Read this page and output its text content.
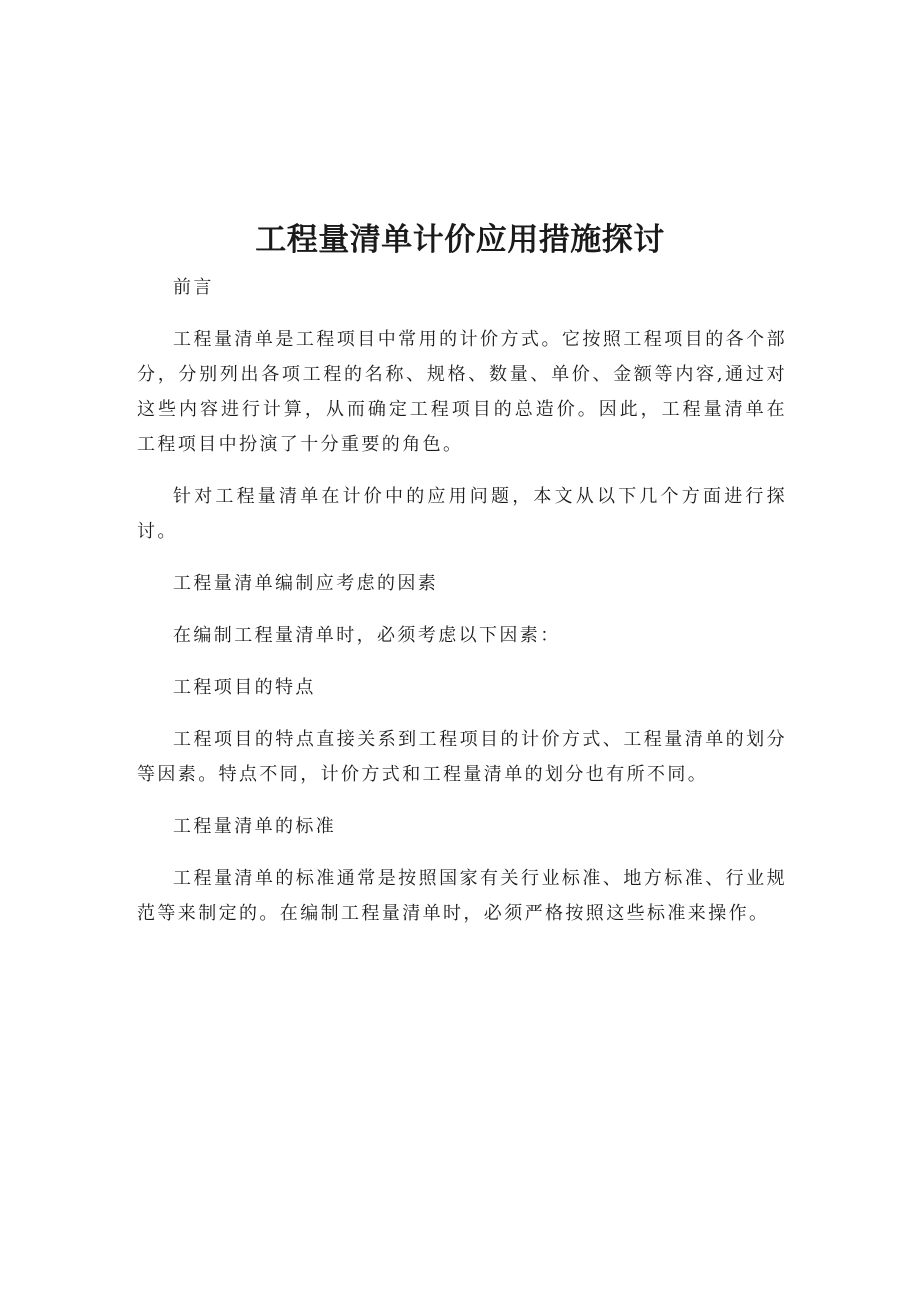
工程量清单计价应用措施探讨

前言

工程量清单是工程项目中常用的计价方式。它按照工程项目的各个部分，分别列出各项工程的名称、规格、数量、单价、金额等内容,通过对这些内容进行计算，从而确定工程项目的总造价。因此，工程量清单在工程项目中扮演了十分重要的角色。

针对工程量清单在计价中的应用问题，本文从以下几个方面进行探讨。

工程量清单编制应考虑的因素

在编制工程量清单时，必须考虑以下因素：

工程项目的特点

工程项目的特点直接关系到工程项目的计价方式、工程量清单的划分等因素。特点不同，计价方式和工程量清单的划分也有所不同。

工程量清单的标准

工程量清单的标准通常是按照国家有关行业标准、地方标准、行业规范等来制定的。在编制工程量清单时，必须严格按照这些标准来操作。
